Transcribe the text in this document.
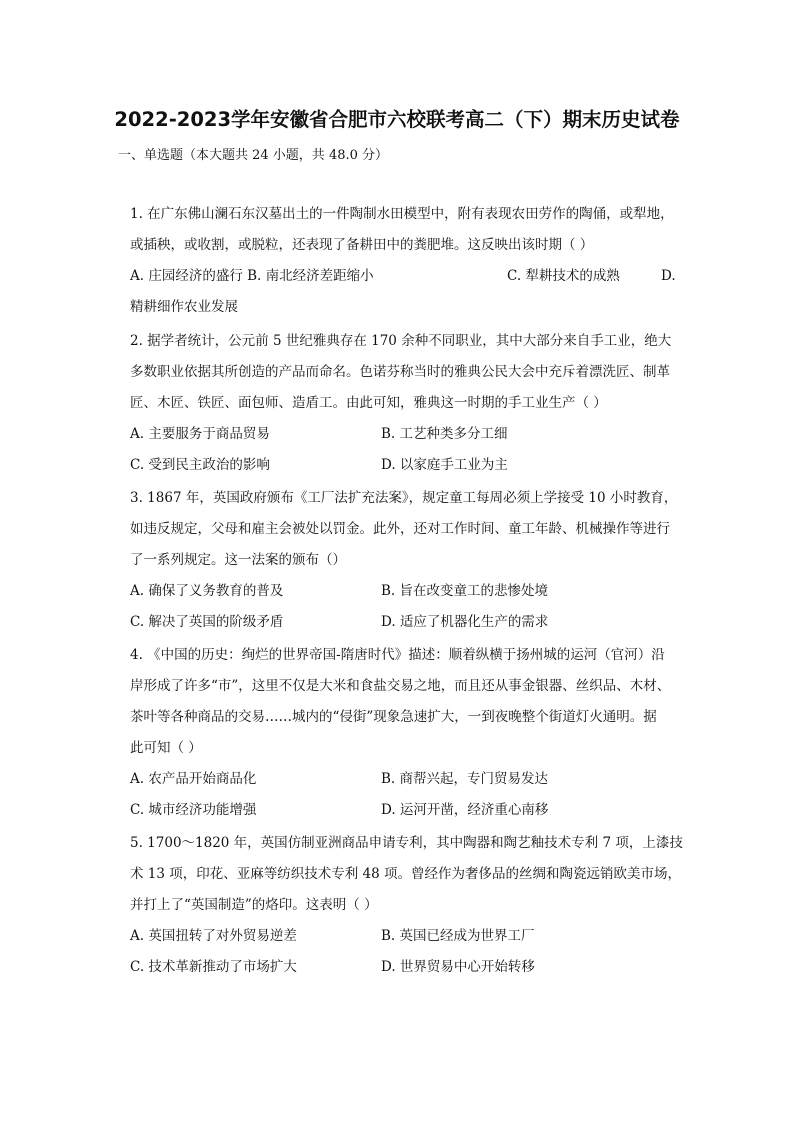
2022-2023学年安徽省合肥市六校联考高二（下）期末历史试卷
一、单选题（本大题共 24 小题，共 48.0 分）
1. 在广东佛山澜石东汉墓出土的一件陶制水田模型中，附有表现农田劳作的陶俑，或犁地，
或插秧，或收割，或脱粒，还表现了备耕田中的粪肥堆。这反映出该时期（ ）
A. 庄园经济的盛行 B. 南北经济差距缩小	C. 犁耕技术的成熟	D.
精耕细作农业发展
2. 据学者统计，公元前 5 世纪雅典存在 170 余种不同职业，其中大部分来自手工业，绝大
多数职业依据其所创造的产品而命名。色诺芬称当时的雅典公民大会中充斥着漂洗匠、制革
匠、木匠、铁匠、面包师、造盾工。由此可知，雅典这一时期的手工业生产（ ）
A. 主要服务于商品贸易	B. 工艺种类多分工细
C. 受到民主政治的影响	D. 以家庭手工业为主
3. 1867 年，英国政府颁布《工厂法扩充法案》，规定童工每周必须上学接受 10 小时教育，
如违反规定，父母和雇主会被处以罚金。此外，还对工作时间、童工年龄、机械操作等进行
了一系列规定。这一法案的颁布（）
A. 确保了义务教育的普及	B. 旨在改变童工的悲惨处境
C. 解决了英国的阶级矛盾	D. 适应了机器化生产的需求
4. 《中国的历史：绚烂的世界帝国-隋唐时代》描述：顺着纵横于扬州城的运河（官河）沿
岸形成了许多“市”，这里不仅是大米和食盐交易之地，而且还从事金银器、丝织品、木材、
茶叶等各种商品的交易……城内的“侵街”现象急速扩大，一到夜晚整个街道灯火通明。据
此可知（ ）
A. 农产品开始商品化	B. 商帮兴起，专门贸易发达
C. 城市经济功能增强	D. 运河开凿，经济重心南移
5. 1700～1820 年，英国仿制亚洲商品申请专利，其中陶器和陶艺釉技术专利 7 项，上漆技
术 13 项，印花、亚麻等纺织技术专利 48 项。曾经作为奢侈品的丝绸和陶瓷远销欧美市场，
并打上了“英国制造”的烙印。这表明（ ）
A. 英国扭转了对外贸易逆差	B. 英国已经成为世界工厂
C. 技术革新推动了市场扩大	D. 世界贸易中心开始转移
